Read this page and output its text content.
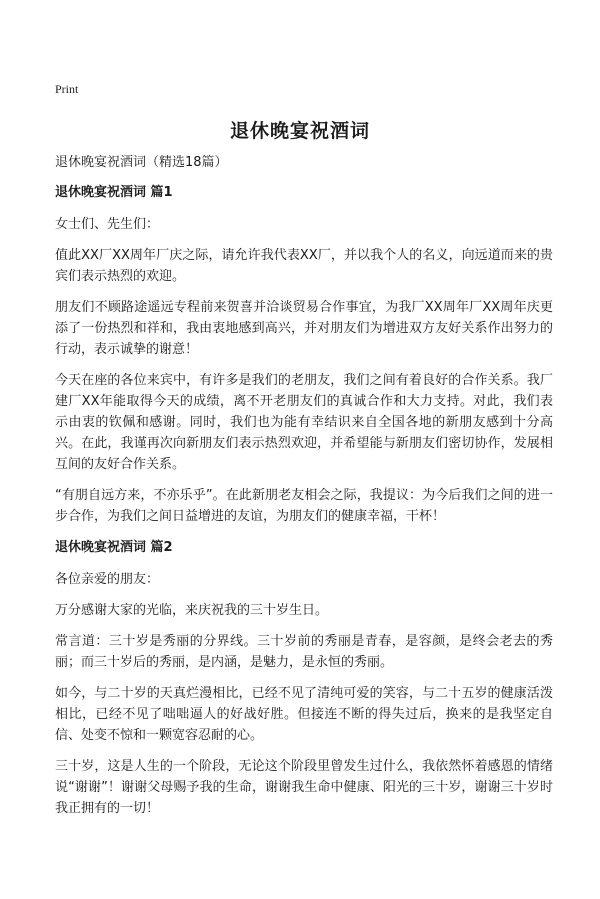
Print
退休晚宴祝酒词

退休晚宴祝酒词（精选18篇）

退休晚宴祝酒词 篇1

女士们、先生们：

值此XX厂XX周年厂庆之际，请允许我代表XX厂，并以我个人的名义，向远道而来的贵宾们表示热烈的欢迎。

朋友们不顾路途遥远专程前来贺喜并洽谈贸易合作事宜，为我厂XX周年厂XX周年庆更添了一份热烈和祥和，我由衷地感到高兴，并对朋友们为增进双方友好关系作出努力的行动，表示诚挚的谢意！

今天在座的各位来宾中，有许多是我们的老朋友，我们之间有着良好的合作关系。我厂建厂XX年能取得今天的成绩，离不开老朋友们的真诚合作和大力支持。对此，我们表示由衷的钦佩和感谢。同时，我们也为能有幸结识来自全国各地的新朋友感到十分高兴。在此，我谨再次向新朋友们表示热烈欢迎，并希望能与新朋友们密切协作，发展相互间的友好合作关系。

“有朋自远方来，不亦乐乎”。在此新朋老友相会之际，我提议：为今后我们之间的进一步合作，为我们之间日益增进的友谊，为朋友们的健康幸福，干杯！

退休晚宴祝酒词 篇2

各位亲爱的朋友：

万分感谢大家的光临，来庆祝我的三十岁生日。

常言道：三十岁是秀丽的分界线。三十岁前的秀丽是青春，是容颜，是终会老去的秀丽；而三十岁后的秀丽，是内涵，是魅力，是永恒的秀丽。

如今，与二十岁的天真烂漫相比，已经不见了清纯可爱的笑容，与二十五岁的健康活泼相比，已经不见了咄咄逼人的好战好胜。但接连不断的得失过后，换来的是我坚定自信、处变不惊和一颗宽容忍耐的心。

三十岁，这是人生的一个阶段，无论这个阶段里曾发生过什么，我依然怀着感恩的情绪说“谢谢”！谢谢父母赐予我的生命，谢谢我生命中健康、阳光的三十岁，谢谢三十岁时我正拥有的一切！
